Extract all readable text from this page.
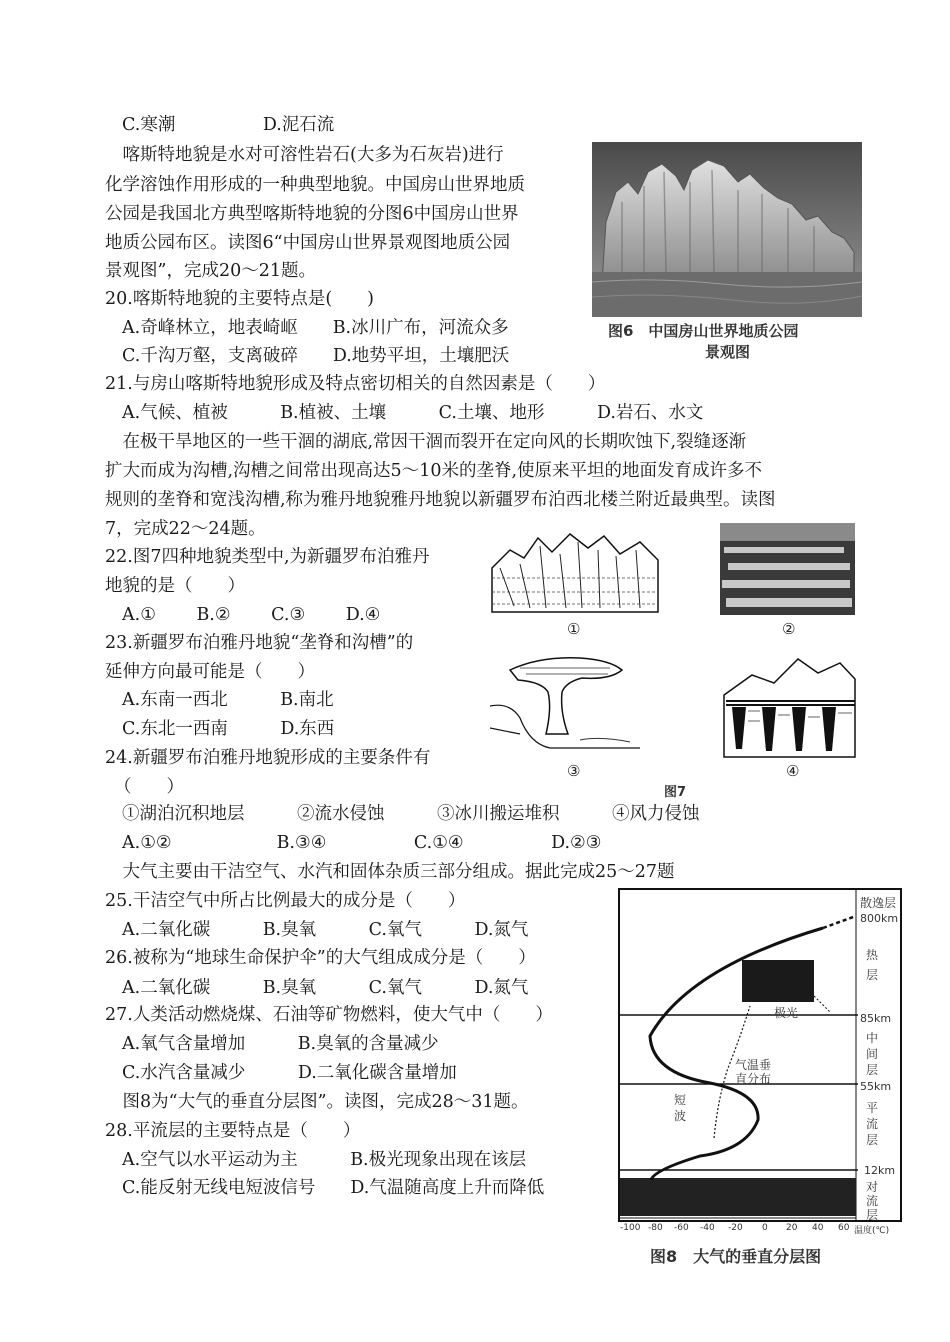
C.寒潮　　　　　D.泥石流
　喀斯特地貌是水对可溶性岩石(大多为石灰岩)进行
化学溶蚀作用形成的一种典型地貌。中国房山世界地质
公园是我国北方典型喀斯特地貌的分图6中国房山世界
地质公园布区。读图6“中国房山世界景观图地质公园
景观图”，完成20～21题。
20.喀斯特地貌的主要特点是(　　)
A.奇峰林立，地表崎岖　　B.冰川广布，河流众多
C.千沟万壑，支离破碎　　D.地势平坦，土壤肥沃
21.与房山喀斯特地貌形成及特点密切相关的自然因素是（　　）
A.气候、植被　　　B.植被、土壤　　　C.土壤、地形　　　D.岩石、水文
　在极干旱地区的一些干涸的湖底,常因干涸而裂开在定向风的长期吹蚀下,裂缝逐渐
扩大而成为沟槽,沟槽之间常出现高达5～10米的垄脊,使原来平坦的地面发育成许多不
规则的垄脊和宽浅沟槽,称为雅丹地貌雅丹地貌以新疆罗布泊西北楼兰附近最典型。读图
7，完成22～24题。
22.图7四种地貌类型中,为新疆罗布泊雅丹
地貌的是（　　）
A.①　　 B.②　　 C.③　　 D.④
23.新疆罗布泊雅丹地貌“垄脊和沟槽”的
延伸方向最可能是（　　）
A.东南一西北　　　B.南北
C.东北一西南　　　D.东西
24.新疆罗布泊雅丹地貌形成的主要条件有
（　　）
①湖泊沉积地层　　　②流水侵蚀　　　③冰川搬运堆积　　　④风力侵蚀
A.①②　　　　　　B.③④　　　　　C.①④　　　　　D.②③
　大气主要由干洁空气、水汽和固体杂质三部分组成。据此完成25～27题
25.干洁空气中所占比例最大的成分是（　　）
A.二氧化碳　　　B.臭氧　　　C.氧气　　　D.氮气
26.被称为“地球生命保护伞”的大气组成成分是（　　）
A.二氧化碳　　　B.臭氧　　　C.氧气　　　D.氮气
27.人类活动燃烧煤、石油等矿物燃料，使大气中（　　）
A.氧气含量增加　　　B.臭氧的含量减少
C.水汽含量减少　　　D.二氧化碳含量增加
　图8为“大气的垂直分层图”。读图，完成28～31题。
28.平流层的主要特点是（　　）
A.空气以水平运动为主　　　B.极光现象出现在该层
C.能反射无线电短波信号　　D.气温随高度上升而降低
图6　中国房山世界地质公园
景观图
①	②
③	④
图7
散逸层
800km
热层
85km
中间层
55km
平流层
12km
对流层
极光
气温垂直分布
短波
-100 -80 -60 -40 -20 0 20 40 60 温度(℃)
图8　大气的垂直分层图
